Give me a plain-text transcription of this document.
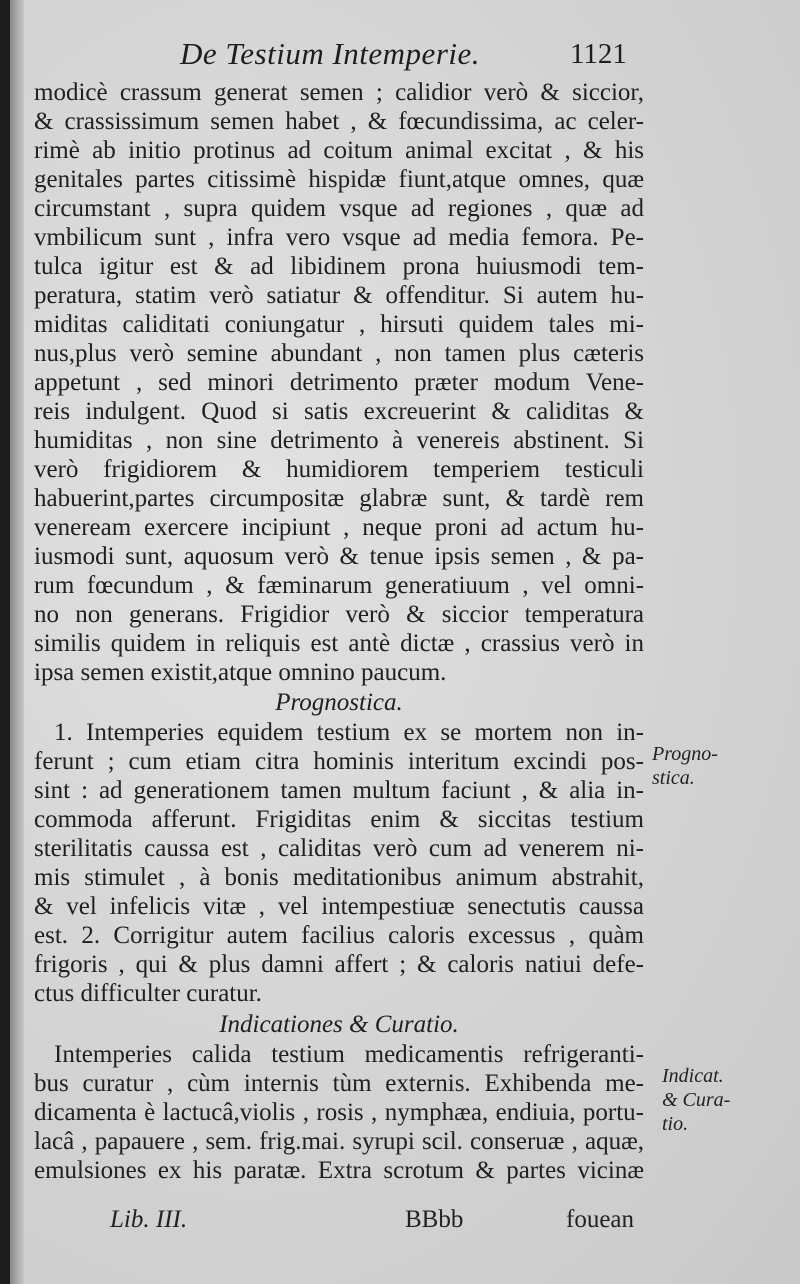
De Testium Intemperie.	1121
modicè crassum generat semen ; calidior verò & siccior,
& crassissimum semen habet , & fœcundissima, ac celer-
rimè ab initio protinus ad coitum animal excitat , & his
genitales partes citissimè hispidæ fiunt,atque omnes, quæ
circumstant , supra quidem vsque ad regiones , quæ ad
vmbilicum sunt , infra vero vsque ad media femora. Pe-
tulca igitur est & ad libidinem prona huiusmodi tem-
peratura, statim verò satiatur & offenditur. Si autem hu-
miditas caliditati coniungatur , hirsuti quidem tales mi-
nus,plus verò semine abundant , non tamen plus cæteris
appetunt , sed minori detrimento præter modum Vene-
reis indulgent. Quod si satis excreuerint & caliditas &
humiditas , non sine detrimento à venereis abstinent. Si
verò frigidiorem & humidiorem temperiem testiculi
habuerint,partes circumpositæ glabræ sunt, & tardè rem
veneream exercere incipiunt , neque proni ad actum hu-
iusmodi sunt, aquosum verò & tenue ipsis semen , & pa-
rum fœcundum , & fæminarum generatiuum , vel omni-
no non generans. Frigidior verò & siccior temperatura
similis quidem in reliquis est antè dictæ , crassius verò in
ipsa semen existit,atque omnino paucum.
Prognostica.
1. Intemperies equidem testium ex se mortem non in-
ferunt ; cum etiam citra hominis interitum excindi pos-
sint : ad generationem tamen multum faciunt , & alia in-
commoda afferunt. Frigiditas enim & siccitas testium
sterilitatis caussa est , caliditas verò cum ad venerem ni-
mis stimulet , à bonis meditationibus animum abstrahit,
& vel infelicis vitæ , vel intempestiuæ senectutis caussa
est. 2. Corrigitur autem facilius caloris excessus , quàm
frigoris , qui & plus damni affert ; & caloris natiui defe-
ctus difficulter curatur.
Indicationes & Curatio.
Intemperies calida testium medicamentis refrigeranti-
bus curatur , cùm internis tùm externis. Exhibenda me-
dicamenta è lactucâ,violis , rosis , nymphæa, endiuia, portu-
lacâ , papauere , sem. frig.mai. syrupi scil. conseruæ , aquæ,
emulsiones ex his paratæ. Extra scrotum & partes vicinæ
Progno-
stica.
Indicat.
& Cura-
tio.
Lib. III.	BBbb	fouean
